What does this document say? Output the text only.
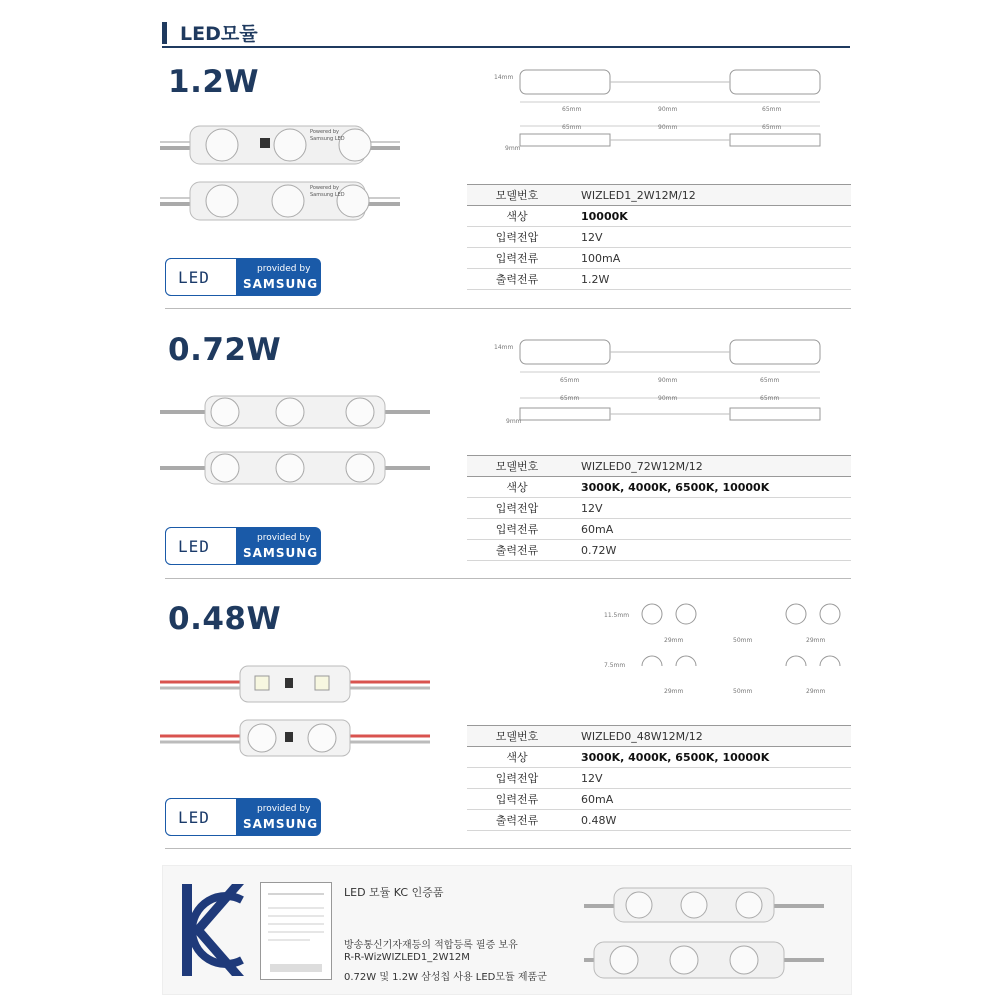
LED모듈
1.2W
Powered by
Samsung LED
Powered by
Samsung LED
LED	provided by
SAMSUNG
65mm	90mm	65mm
65mm	90mm	65mm
14mm
9mm
모델번호	WIZLED1_2W12M/12
색상	10000K
입력전압	12V
입력전류	100mA
출력전류	1.2W
0.72W
LED	provided by
SAMSUNG
65mm	90mm	65mm
65mm	90mm	65mm
14mm
9mm
모델번호	WIZLED0_72W12M/12
색상	3000K, 4000K, 6500K, 10000K
입력전압	12V
입력전류	60mA
출력전류	0.72W
0.48W
LED	provided by
SAMSUNG
29mm	50mm	29mm
29mm	50mm	29mm
11.5mm
7.5mm
모델번호	WIZLED0_48W12M/12
색상	3000K, 4000K, 6500K, 10000K
입력전압	12V
입력전류	60mA
출력전류	0.48W
LED 모듈 KC 인증품
방송통신기자재등의 적합등록 필증 보유
R-R-WizWIZLED1_2W12M
0.72W 및 1.2W 삼성칩 사용 LED모듈 제품군
